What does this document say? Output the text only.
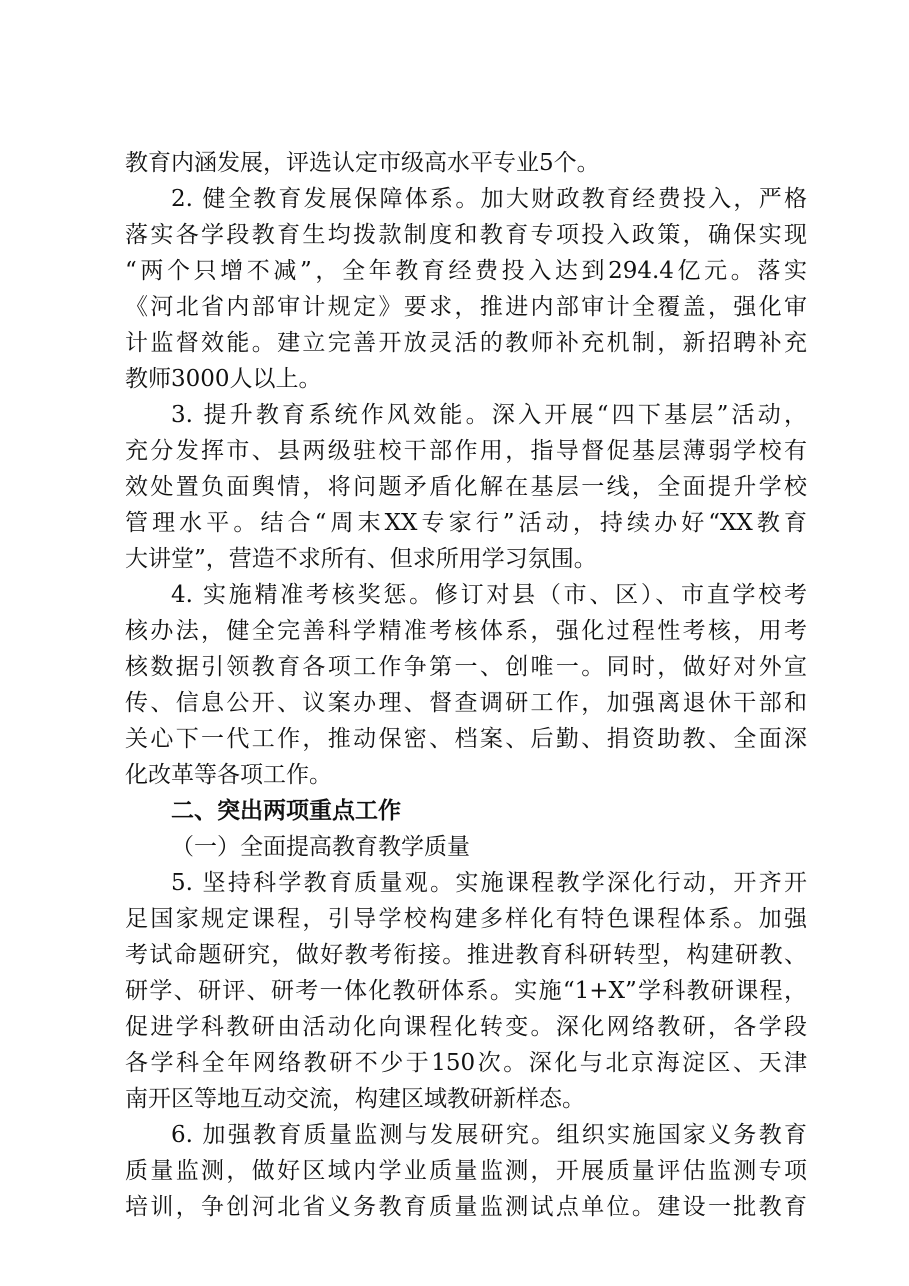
教育内涵发展，评选认定市级高水平专业5个。
2. 健全教育发展保障体系。加大财政教育经费投入，严格
落实各学段教育生均拨款制度和教育专项投入政策，确保实现
“两个只增不减”，全年教育经费投入达到294.4亿元。落实
《河北省内部审计规定》要求，推进内部审计全覆盖，强化审
计监督效能。建立完善开放灵活的教师补充机制，新招聘补充
教师3000人以上。
3. 提升教育系统作风效能。深入开展“四下基层”活动，
充分发挥市、县两级驻校干部作用，指导督促基层薄弱学校有
效处置负面舆情，将问题矛盾化解在基层一线，全面提升学校
管理水平。结合“周末XX专家行”活动，持续办好“XX教育
大讲堂”，营造不求所有、但求所用学习氛围。
4. 实施精准考核奖惩。修订对县（市、区）、市直学校考
核办法，健全完善科学精准考核体系，强化过程性考核，用考
核数据引领教育各项工作争第一、创唯一。同时，做好对外宣
传、信息公开、议案办理、督查调研工作，加强离退休干部和
关心下一代工作，推动保密、档案、后勤、捐资助教、全面深
化改革等各项工作。
二、突出两项重点工作
（一）全面提高教育教学质量
5. 坚持科学教育质量观。实施课程教学深化行动，开齐开
足国家规定课程，引导学校构建多样化有特色课程体系。加强
考试命题研究，做好教考衔接。推进教育科研转型，构建研教、
研学、研评、研考一体化教研体系。实施“1+X”学科教研课程，
促进学科教研由活动化向课程化转变。深化网络教研，各学段
各学科全年网络教研不少于150次。深化与北京海淀区、天津
南开区等地互动交流，构建区域教研新样态。
6. 加强教育质量监测与发展研究。组织实施国家义务教育
质量监测，做好区域内学业质量监测，开展质量评估监测专项
培训，争创河北省义务教育质量监测试点单位。建设一批教育
